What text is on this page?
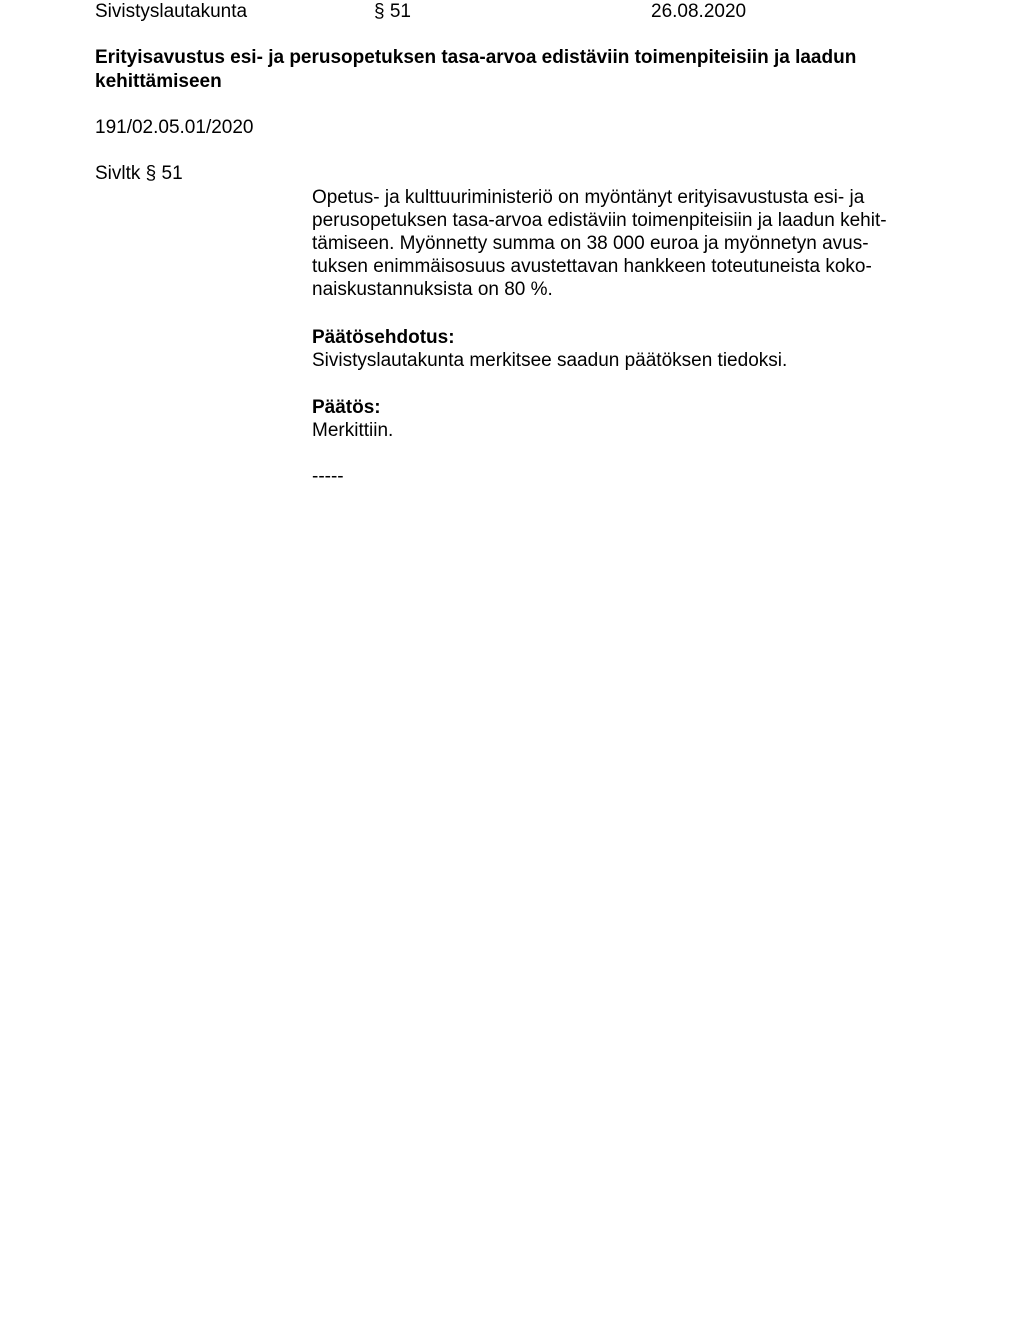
Sivistyslautakunta	§ 51	26.08.2020
Erityisavustus esi- ja perusopetuksen tasa-arvoa edistäviin toimenpiteisiin ja laadun
kehittämiseen
191/02.05.01/2020
Sivltk § 51
Opetus- ja kulttuuriministeriö on myöntänyt erityisavustusta esi- ja
perusopetuksen tasa-arvoa edistäviin toimenpiteisiin ja laadun kehit-
tämiseen. Myönnetty summa on 38 000 euroa ja myönnetyn avus-
tuksen enimmäisosuus avustettavan hankkeen toteutuneista koko-
naiskustannuksista on 80 %.
Päätösehdotus:
Sivistyslautakunta merkitsee saadun päätöksen tiedoksi.
Päätös:
Merkittiin.
-----
